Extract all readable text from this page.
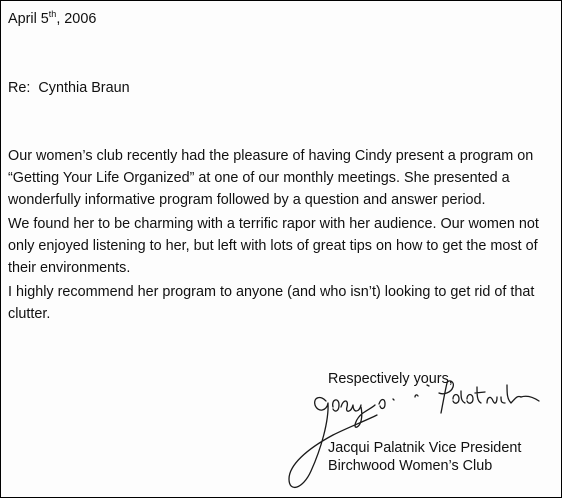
April 5th, 2006
Re: Cynthia Braun

Our women’s club recently had the pleasure of having Cindy present a program on “Getting Your Life Organized” at one of our monthly meetings. She presented a wonderfully informative program followed by a question and answer period.

We found her to be charming with a terrific rapor with her audience. Our women not only enjoyed listening to her, but left with lots of great tips on how to get the most of their environments.

I highly recommend her program to anyone (and who isn’t) looking to get rid of that clutter.

Respectively yours,
Jacqui Palatnik Vice President
Birchwood Women’s Club
